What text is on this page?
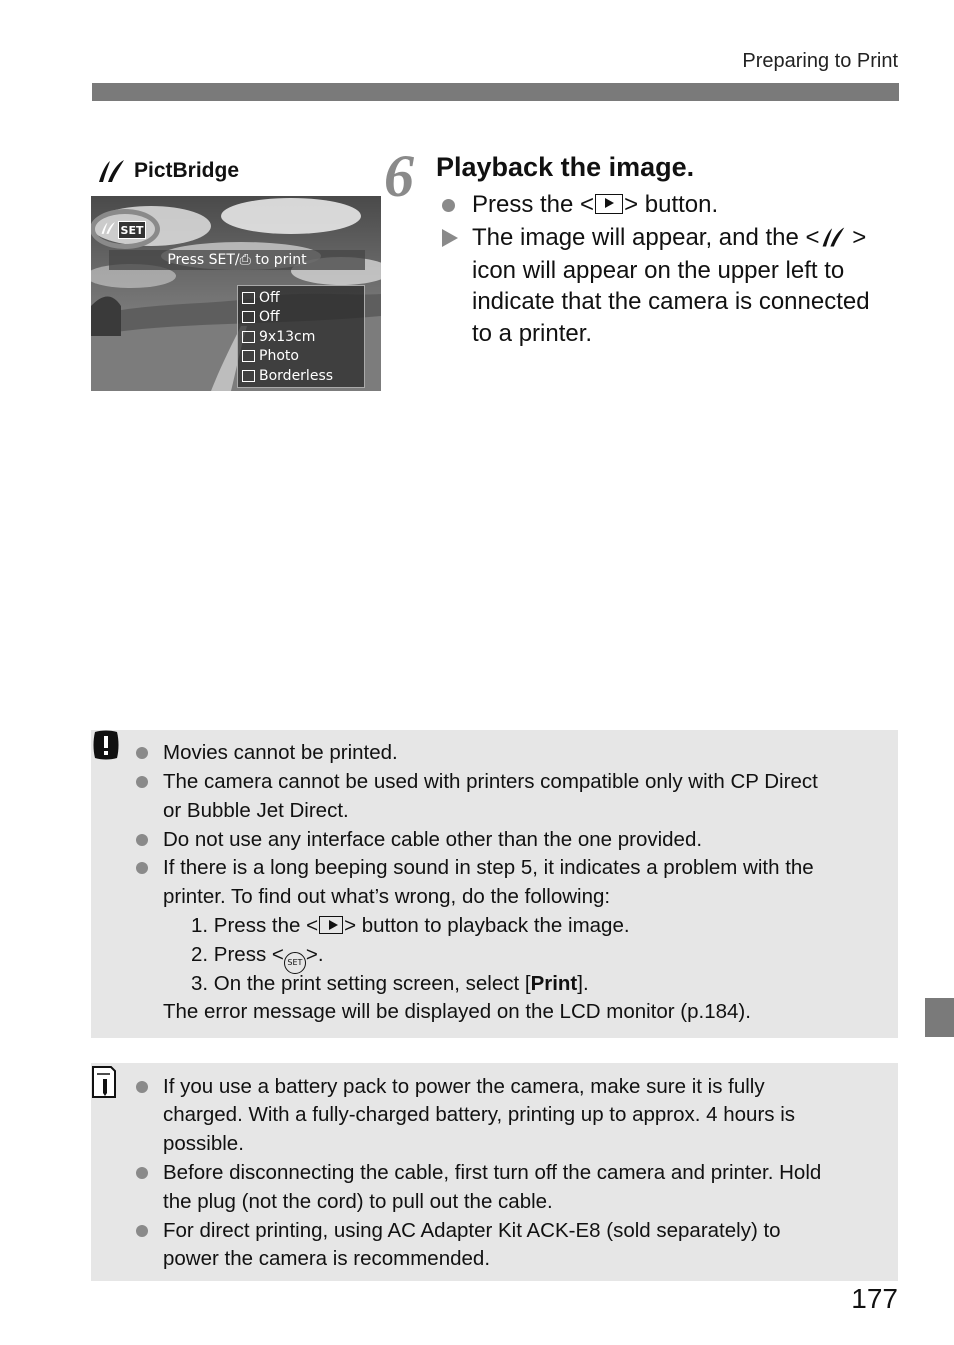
Preparing to Print
PictBridge
SET
Press SET/⎙ to print
Off
Off
9x13cm
Photo
Borderless
6 Playback the image.
Press the < > button.
The image will appear, and the < >
icon will appear on the upper left to
indicate that the camera is connected
to a printer.
Movies cannot be printed.
The camera cannot be used with printers compatible only with CP Direct
or Bubble Jet Direct.
Do not use any interface cable other than the one provided.
If there is a long beeping sound in step 5, it indicates a problem with the
printer. To find out what’s wrong, do the following:
1. Press the < > button to playback the image.
2. Press < SET >.
3. On the print setting screen, select [Print].
The error message will be displayed on the LCD monitor (p.184).
If you use a battery pack to power the camera, make sure it is fully
charged. With a fully-charged battery, printing up to approx. 4 hours is
possible.
Before disconnecting the cable, first turn off the camera and printer. Hold
the plug (not the cord) to pull out the cable.
For direct printing, using AC Adapter Kit ACK-E8 (sold separately) to
power the camera is recommended.
177
